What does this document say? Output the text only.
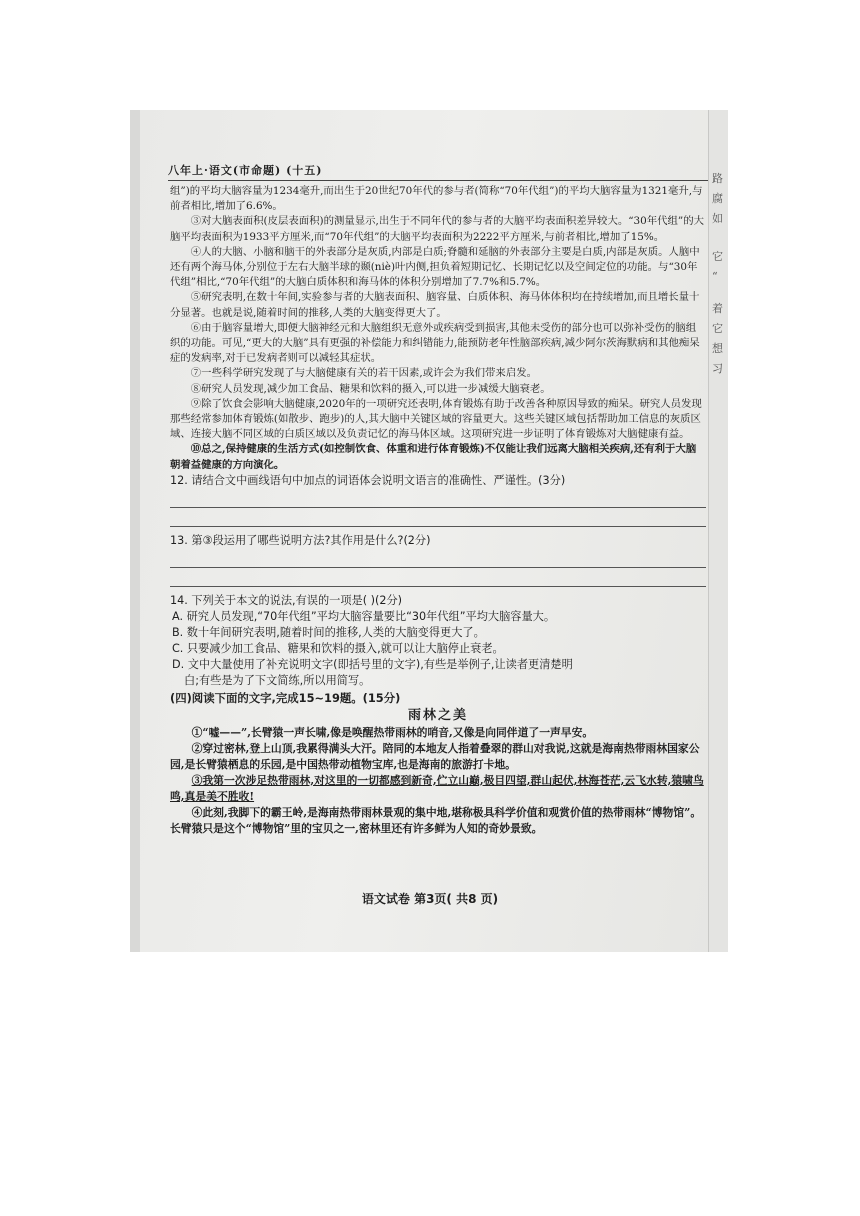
八年上·语文(市命题) (十五)

组”)的平均大脑容量为1234毫升,而出生于20世纪70年代的参与者(简称“70年代组”)的平均大脑容量为1321毫升,与前者相比,增加了6.6%。

③对大脑表面积(皮层表面积)的测量显示,出生于不同年代的参与者的大脑平均表面积差异较大。“30年代组”的大脑平均表面积为1933平方厘米,而“70年代组”的大脑平均表面积为2222平方厘米,与前者相比,增加了15%。

④人的大脑、小脑和脑干的外表部分是灰质,内部是白质;脊髓和延脑的外表部分主要是白质,内部是灰质。人脑中还有两个海马体,分别位于左右大脑半球的颞(niè)叶内侧,担负着短期记忆、长期记忆以及空间定位的功能。与“30年代组”相比,“70年代组”的大脑白质体积和海马体的体积分别增加了7.7%和5.7%。

⑤研究表明,在数十年间,实验参与者的大脑表面积、脑容量、白质体积、海马体体积均在持续增加,而且增长量十分显著。也就是说,随着时间的推移,人类的大脑变得更大了。

⑥由于脑容量增大,即便大脑神经元和大脑组织无意外或疾病受到损害,其他未受伤的部分也可以弥补受伤的脑组织的功能。可见,“更大的大脑”具有更强的补偿能力和纠错能力,能预防老年性脑部疾病,减少阿尔茨海默病和其他痴呆症的发病率,对于已发病者则可以减轻其症状。

⑦一些科学研究发现了与大脑健康有关的若干因素,或许会为我们带来启发。

⑧研究人员发现,减少加工食品、糖果和饮料的摄入,可以进一步减缓大脑衰老。

⑨除了饮食会影响大脑健康,2020年的一项研究还表明,体育锻炼有助于改善各种原因导致的痴呆。研究人员发现那些经常参加体育锻炼(如散步、跑步)的人,其大脑中关键区域的容量更大。这些关键区域包括帮助加工信息的灰质区域、连接大脑不同区域的白质区域以及负责记忆的海马体区域。这项研究进一步证明了体育锻炼对大脑健康有益。

⑩总之,保持健康的生活方式(如控制饮食、体重和进行体育锻炼)不仅能让我们远离大脑相关疾病,还有利于大脑朝着益健康的方向演化。

12. 请结合文中画线语句中加点的词语体会说明文语言的准确性、严谨性。(3分)

13. 第③段运用了哪些说明方法?其作用是什么?(2分)

14. 下列关于本文的说法,有误的一项是( )(2分)

A. 研究人员发现,“70年代组”平均大脑容量要比“30年代组”平均大脑容量大。

B. 数十年间研究表明,随着时间的推移,人类的大脑变得更大了。

C. 只要减少加工食品、糖果和饮料的摄入,就可以让大脑停止衰老。

D. 文中大量使用了补充说明文字(即括号里的文字),有些是举例子,让读者更清楚明

白;有些是为了下文简练,所以用简写。

(四)阅读下面的文字,完成15~19题。(15分)

雨林之美

①“嘘——”,长臂猿一声长啸,像是唤醒热带雨林的哨音,又像是向同伴道了一声早安。

②穿过密林,登上山顶,我累得满头大汗。陪同的本地友人指着叠翠的群山对我说,这就是海南热带雨林国家公园,是长臂猿栖息的乐园,是中国热带动植物宝库,也是海南的旅游打卡地。

③我第一次涉足热带雨林,对这里的一切都感到新奇,伫立山巅,极目四望,群山起伏,林海苍茫,云飞水转,猿啸鸟鸣,真是美不胜收!

④此刻,我脚下的霸王岭,是海南热带雨林景观的集中地,堪称极具科学价值和观赏价值的热带雨林“博物馆”。长臂猿只是这个“博物馆”里的宝贝之一,密林里还有许多鲜为人知的奇妙景致。

语文试卷 第3页( 共8 页)
路
腐
如
它
“
着
它
想
习
